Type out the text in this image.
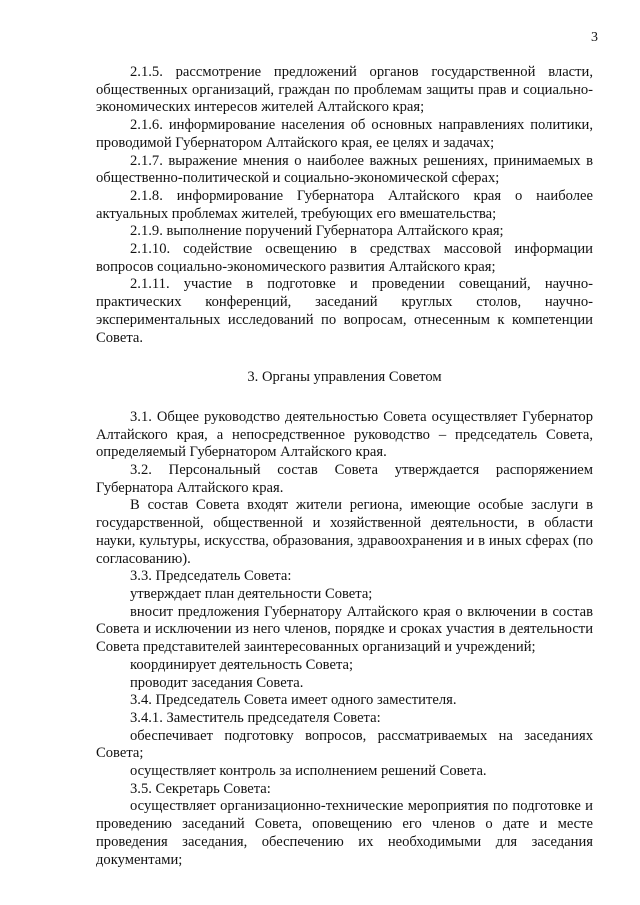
3

2.1.5. рассмотрение предложений органов государственной власти, общественных организаций, граждан по проблемам защиты прав и социально-экономических интересов жителей Алтайского края;

2.1.6. информирование населения об основных направлениях политики, проводимой Губернатором Алтайского края, ее целях и задачах;

2.1.7. выражение мнения о наиболее важных решениях, принимаемых в общественно-политической и социально-экономической сферах;

2.1.8. информирование Губернатора Алтайского края о наиболее актуальных проблемах жителей, требующих его вмешательства;

2.1.9. выполнение поручений Губернатора Алтайского края;

2.1.10. содействие освещению в средствах массовой информации вопросов социально-экономического развития Алтайского края;

2.1.11. участие в подготовке и проведении совещаний, научно-практических конференций, заседаний круглых столов, научно-экспериментальных исследований по вопросам, отнесенным к компетенции Совета.

3. Органы управления Советом

3.1. Общее руководство деятельностью Совета осуществляет Губернатор Алтайского края, а непосредственное руководство – председатель Совета, определяемый Губернатором Алтайского края.

3.2. Персональный состав Совета утверждается распоряжением Губернатора Алтайского края.

В состав Совета входят жители региона, имеющие особые заслуги в государственной, общественной и хозяйственной деятельности, в области науки, культуры, искусства, образования, здравоохранения и в иных сферах (по согласованию).

3.3. Председатель Совета:

утверждает план деятельности Совета;

вносит предложения Губернатору Алтайского края о включении в состав Совета и исключении из него членов, порядке и сроках участия в деятельности Совета представителей заинтересованных организаций и учреждений;

координирует деятельность Совета;

проводит заседания Совета.

3.4. Председатель Совета имеет одного заместителя.

3.4.1. Заместитель председателя Совета:

обеспечивает подготовку вопросов, рассматриваемых на заседаниях Совета;

осуществляет контроль за исполнением решений Совета.

3.5. Секретарь Совета:

осуществляет организационно-технические мероприятия по подготовке и проведению заседаний Совета, оповещению его членов о дате и месте проведения заседания, обеспечению их необходимыми для заседания документами;
